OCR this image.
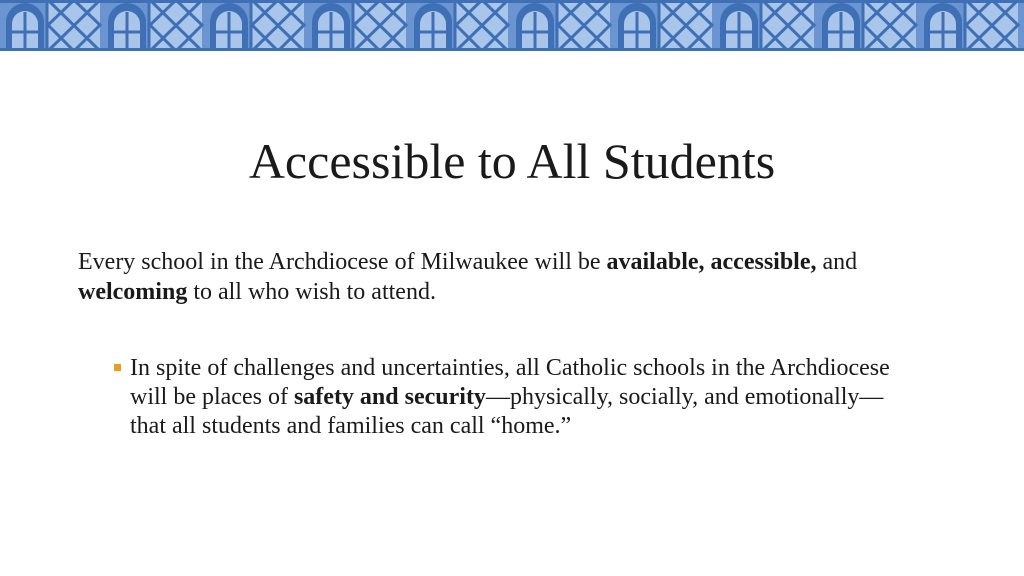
Accessible to All Students

Every school in the Archdiocese of Milwaukee will be available, accessible, and welcoming to all who wish to attend.

In spite of challenges and uncertainties, all Catholic schools in the Archdiocese will be places of safety and security—physically, socially, and emotionally—that all students and families can call “home.”
